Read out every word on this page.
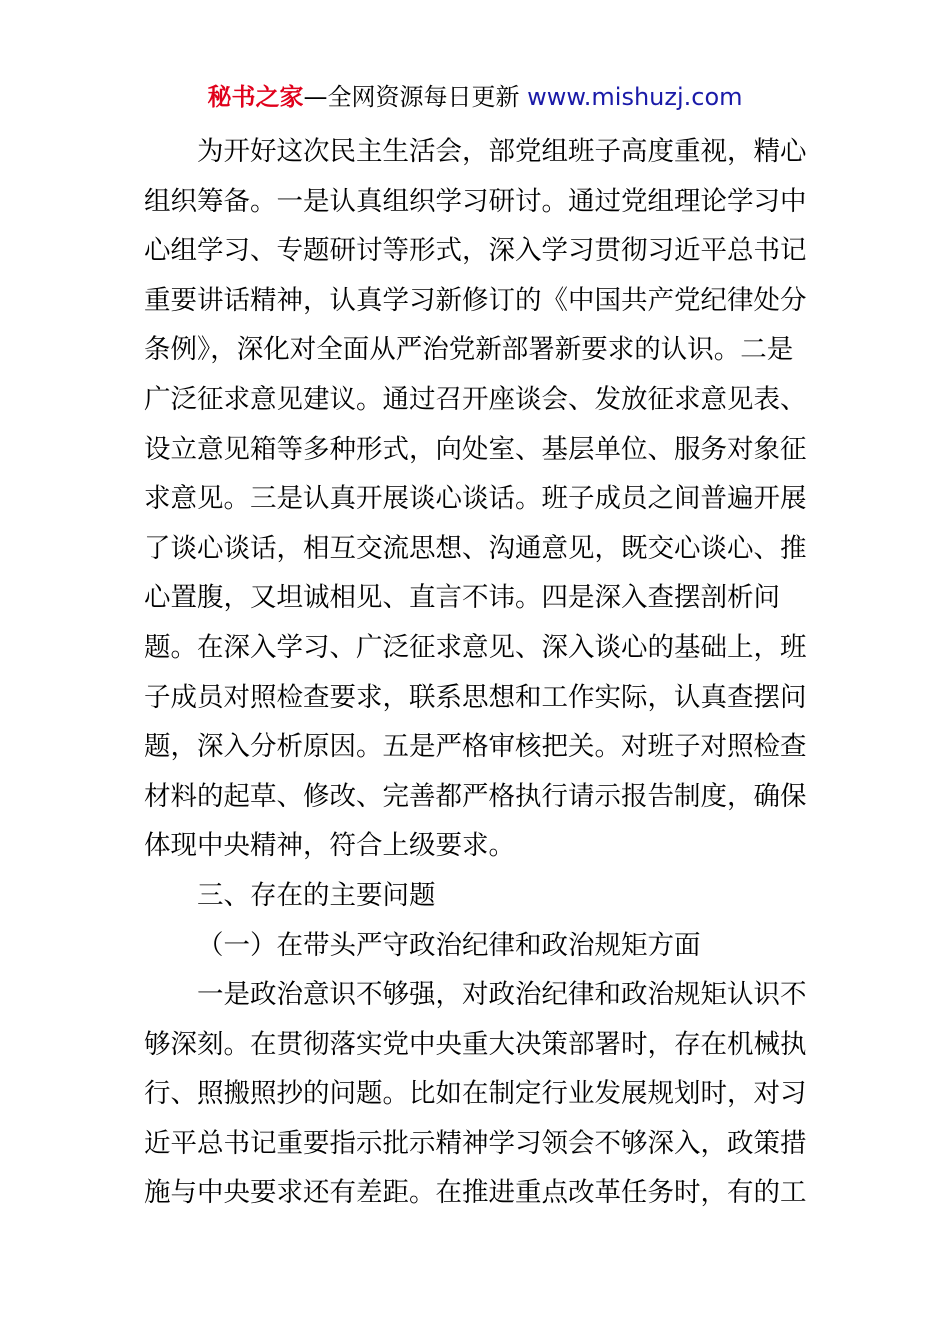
秘书之家—全网资源每日更新 www.mishuzj.com
为开好这次民主生活会，部党组班子高度重视，精心
组织筹备。一是认真组织学习研讨。通过党组理论学习中
心组学习、专题研讨等形式，深入学习贯彻习近平总书记
重要讲话精神，认真学习新修订的《中国共产党纪律处分
条例》，深化对全面从严治党新部署新要求的认识。二是
广泛征求意见建议。通过召开座谈会、发放征求意见表、
设立意见箱等多种形式，向处室、基层单位、服务对象征
求意见。三是认真开展谈心谈话。班子成员之间普遍开展
了谈心谈话，相互交流思想、沟通意见，既交心谈心、推
心置腹，又坦诚相见、直言不讳。四是深入查摆剖析问
题。在深入学习、广泛征求意见、深入谈心的基础上，班
子成员对照检查要求，联系思想和工作实际，认真查摆问
题，深入分析原因。五是严格审核把关。对班子对照检查
材料的起草、修改、完善都严格执行请示报告制度，确保
体现中央精神，符合上级要求。
三、存在的主要问题
（一）在带头严守政治纪律和政治规矩方面
一是政治意识不够强，对政治纪律和政治规矩认识不
够深刻。在贯彻落实党中央重大决策部署时，存在机械执
行、照搬照抄的问题。比如在制定行业发展规划时，对习
近平总书记重要指示批示精神学习领会不够深入，政策措
施与中央要求还有差距。在推进重点改革任务时，有的工
